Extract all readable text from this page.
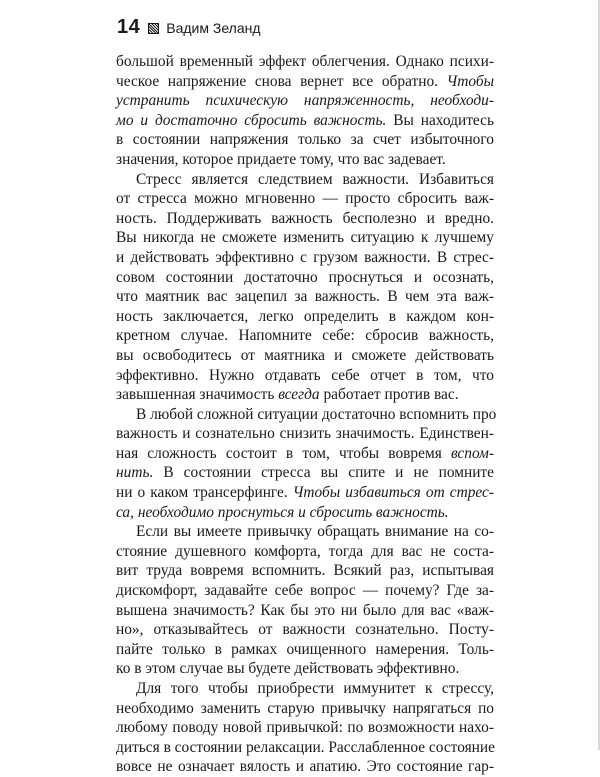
14 Вадим Зеланд
большой временный эффект облегчения. Однако психи-
ческое напряжение снова вернет все обратно. Чтобы
устранить психическую напряженность, необходи-
мо и достаточно сбросить важность. Вы находитесь
в состоянии напряжения только за счет избыточного
значения, которое придаете тому, что вас задевает.
Стресс является следствием важности. Избавиться
от стресса можно мгновенно — просто сбросить важ-
ность. Поддерживать важность бесполезно и вредно.
Вы никогда не сможете изменить ситуацию к лучшему
и действовать эффективно с грузом важности. В стрес-
совом состоянии достаточно проснуться и осознать,
что маятник вас зацепил за важность. В чем эта важ-
ность заключается, легко определить в каждом кон-
кретном случае. Напомните себе: сбросив важность,
вы освободитесь от маятника и сможете действовать
эффективно. Нужно отдавать себе отчет в том, что
завышенная значимость всегда работает против вас.
В любой сложной ситуации достаточно вспомнить про
важность и сознательно снизить значимость. Единствен-
ная сложность состоит в том, чтобы вовремя вспом-
нить. В состоянии стресса вы спите и не помните
ни о каком трансерфинге. Чтобы избавиться от стрес-
са, необходимо проснуться и сбросить важность.
Если вы имеете привычку обращать внимание на со-
стояние душевного комфорта, тогда для вас не соста-
вит труда вовремя вспомнить. Всякий раз, испытывая
дискомфорт, задавайте себе вопрос — почему? Где за-
вышена значимость? Как бы это ни было для вас «важ-
но», отказывайтесь от важности сознательно. Посту-
пайте только в рамках очищенного намерения. Толь-
ко в этом случае вы будете действовать эффективно.
Для того чтобы приобрести иммунитет к стрессу,
необходимо заменить старую привычку напрягаться по
любому поводу новой привычкой: по возможности нахо-
диться в состоянии релаксации. Расслабленное состояние
вовсе не означает вялость и апатию. Это состояние гар-
